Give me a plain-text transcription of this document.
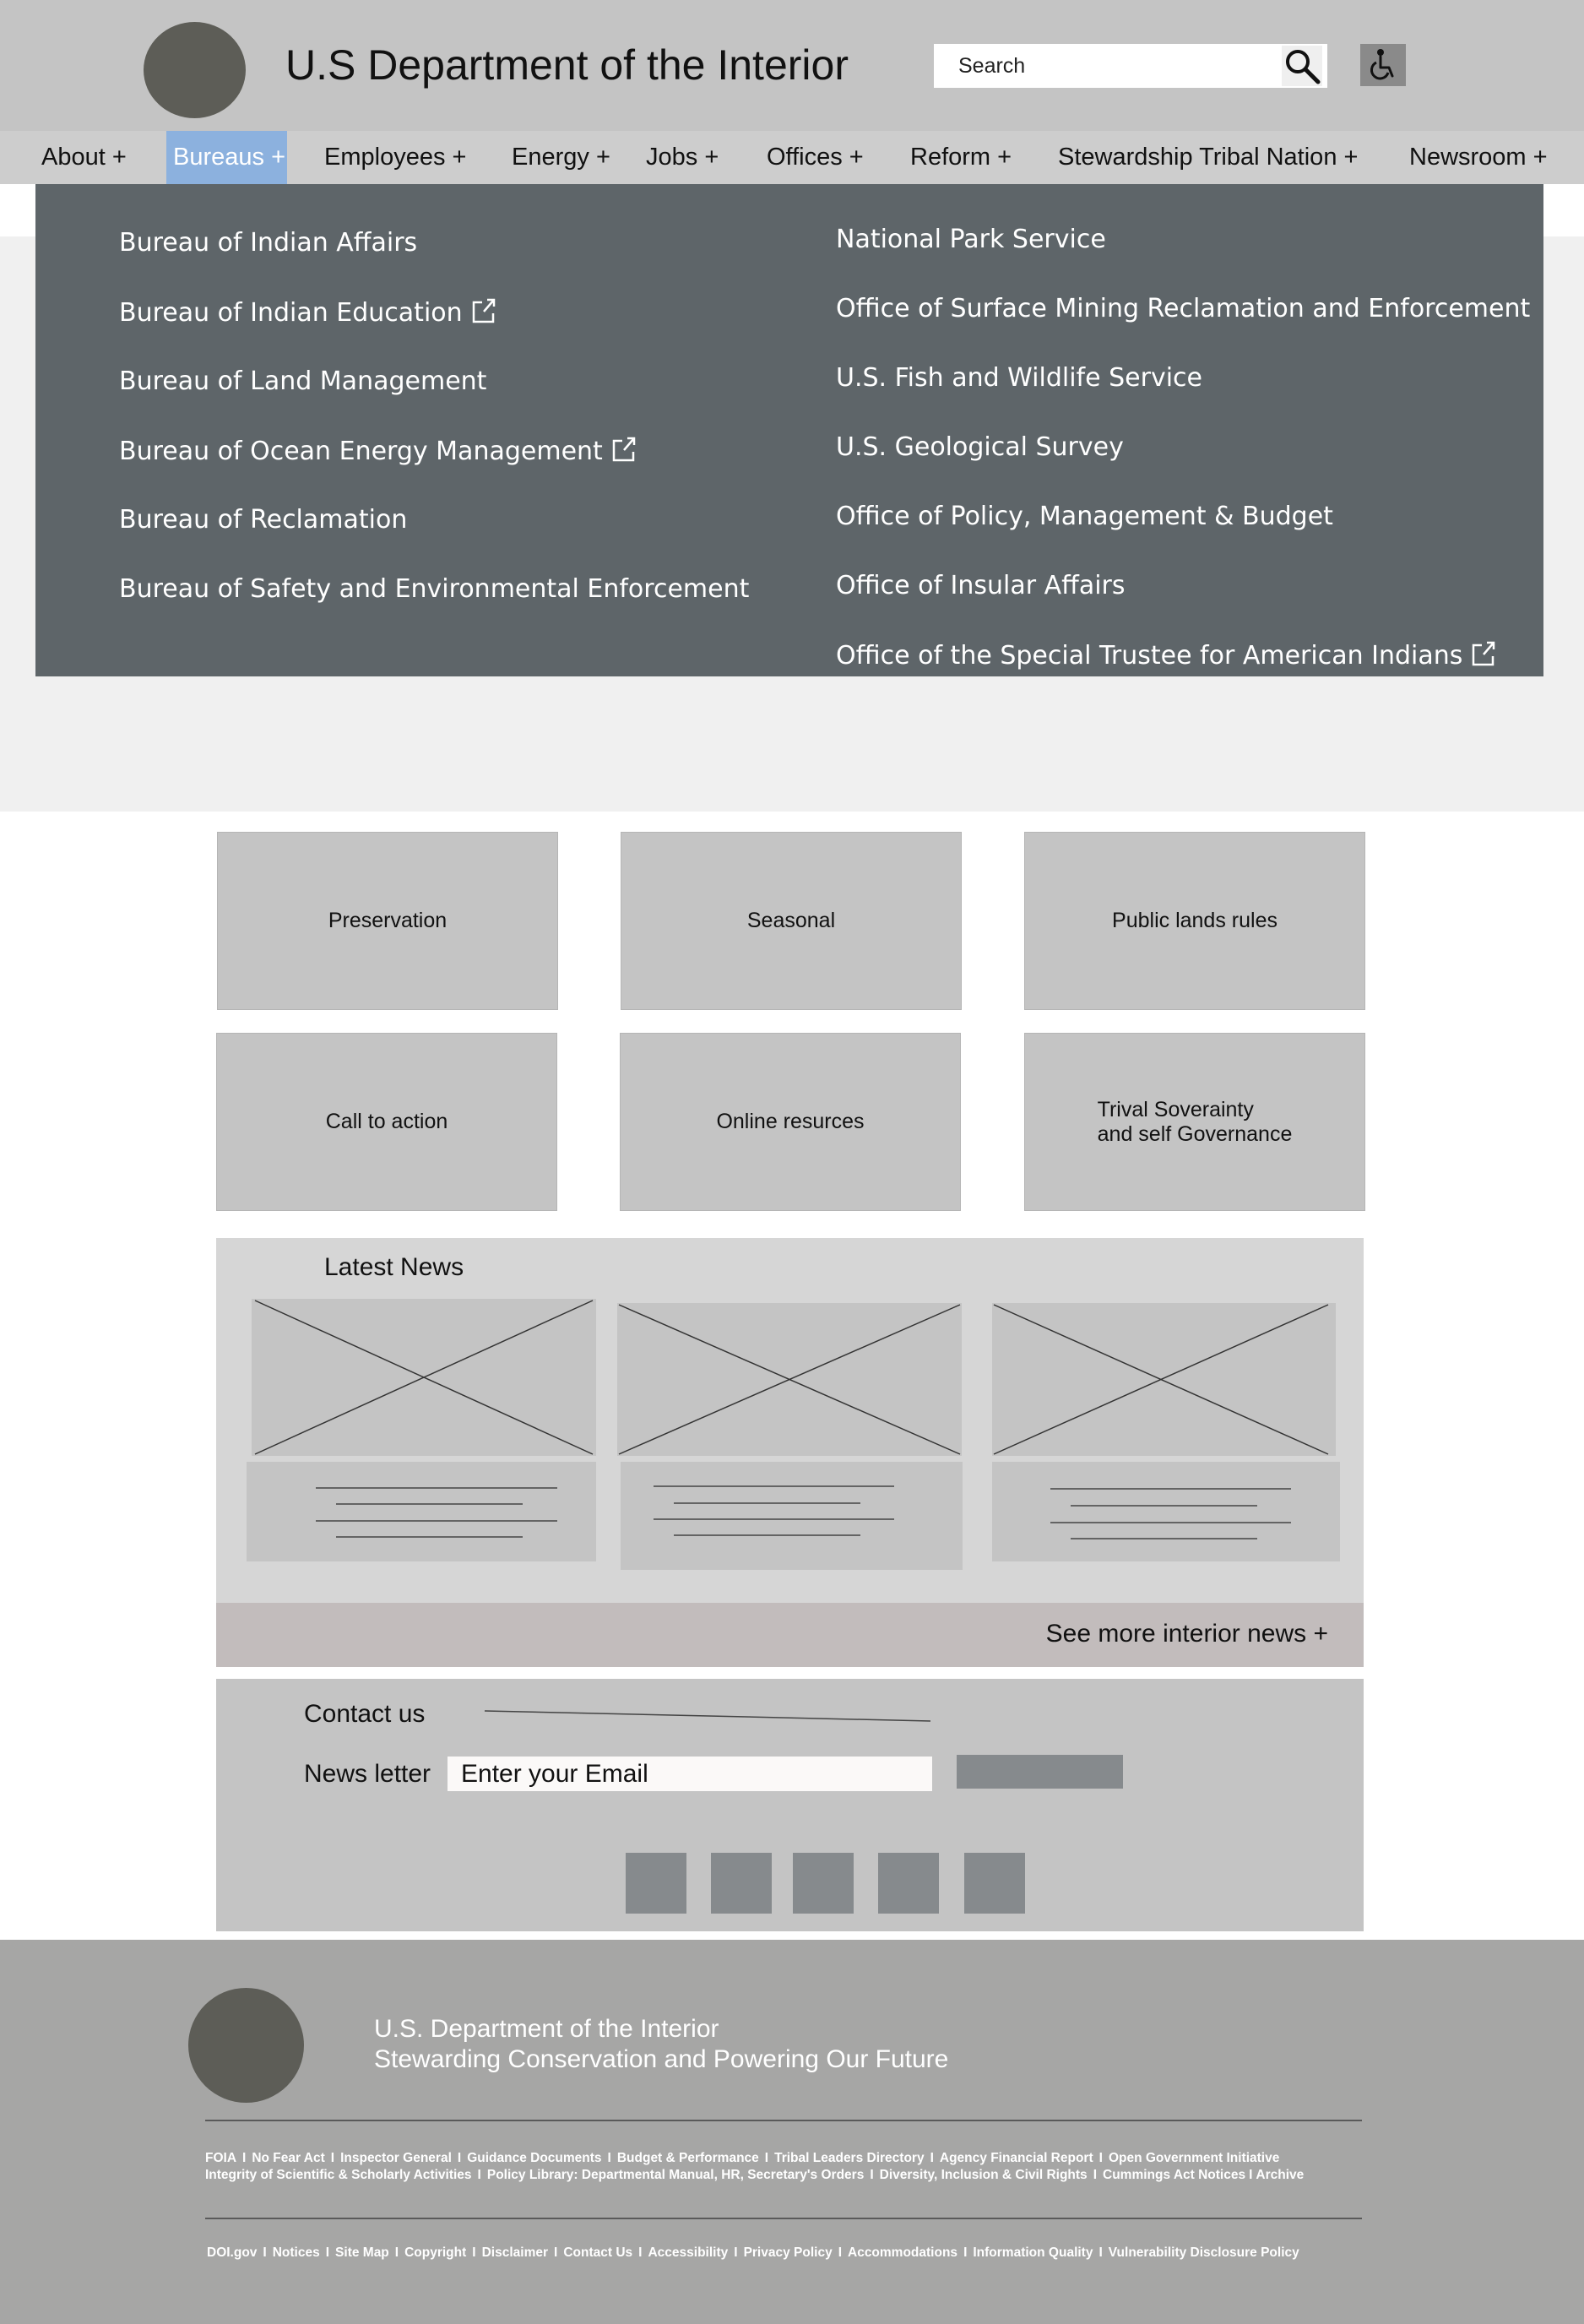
U.S Department of the Interior
Search
About + Bureaus + Employees + Energy + Jobs + Offices + Reform + Stewardship Tribal Nation + Newsroom +
Bureau of Indian Affairs
Bureau of Indian Education
Bureau of Land Management
Bureau of Ocean Energy Management
Bureau of Reclamation
Bureau of Safety and Environmental Enforcement
National Park Service
Office of Surface Mining Reclamation and Enforcement
U.S. Fish and Wildlife Service
U.S. Geological Survey
Office of Policy, Management & Budget
Office of Insular Affairs
Office of the Special Trustee for American Indians
Preservation	Seasonal	Public lands rules
Call to action	Online resurces
Trival Soverainty
and self Governance
Latest News
See more interior news +
Contact us
News letter
Enter your Email
U.S. Department of the Interior
Stewarding Conservation and Powering Our Future
FOIA I No Fear Act I Inspector General I Guidance Documents I Budget & Performance I Tribal Leaders Directory I Agency Financial Report I Open Government Initiative
Integrity of Scientific & Scholarly Activities I Policy Library: Departmental Manual, HR, Secretary's Orders I Diversity, Inclusion & Civil Rights I Cummings Act Notices I Archive
DOI.gov I Notices I Site Map I Copyright I Disclaimer I Contact Us I Accessibility I Privacy Policy I Accommodations I Information Quality I Vulnerability Disclosure Policy
